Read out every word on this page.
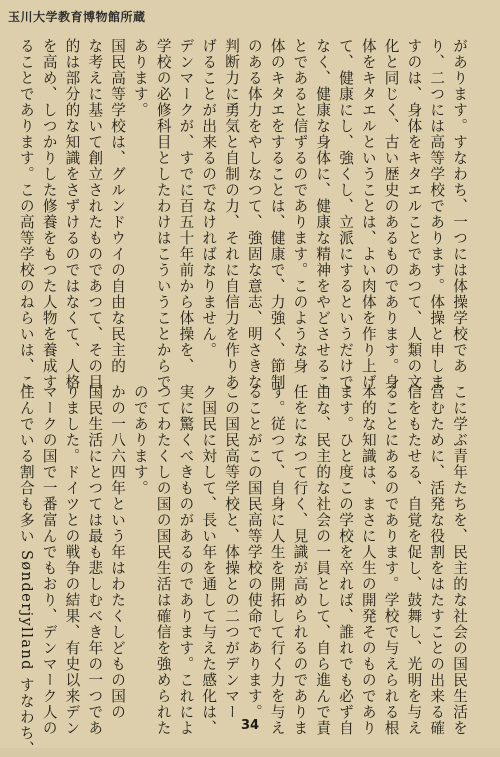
玉川大学教育博物館所蔵
があります。すなわち、一つには体操学校であ
り、二つには高等学校であります。体操と申しま
すのは、身体をキタエルことであつて、人類の文
化と同じく、古い歴史のあるものであります。身
体をキタエルということは、よい肉体を作り上げ
て、健康にし、強くし、立派にするというだけで
なく、健康な身体に、健康な精神をやどさせるこ
とであると信ずるのであります。このような身
体のキタエをすることは、健康で、力強く、節制
のある体力をやしなつて、強固な意志、明さきな
判断力に勇気と自制の力、それに自信力を作りあ
げることが出来るのでなければなりません。
デンマークが、すでに百五十年前から体操を、
学校の必修科目としたわけはこういうことからで
あります。
国民高等学校は、グルンドウイの自由な民主的
な考えに基いて創立されたものであつて、その目
的は部分的な知識をさずけるのではなくて、人格
を高め、しつかりした修養をもつた人物を養成す
ることであります。この高等学校のねらいは、こ
こに学ぶ青年たちを、民主的な社会の国民生活を
営むために、活発な役割をはたすことの出来る確
信をもたせる、自覚を促し、鼓舞し、光明を与え
ることにあるのであります。学校で与えられる根
本的な知識は、まさに人生の開発そのものであり
ます。ひと度この学校を卒れば、誰れでも必ず自
由な、民主的な社会の一員として、自ら進んで責
任をになつて行く、見識が高められるのでありま
す。従つて、自身に人生を開拓して行く力を与え
ることがこの国民高等学校の使命であります。
この国民高等学校と、体操との二つがデンマー
ク国民に対して、長い年を通して与えた感化は、
実に驚くべきものがあるのであります。これによ
つてわたくしの国の国民生活は確信を強められた
のであります。
かの一八六四年という年はわたくしどもの国の
国民生活にとつては最も悲しむべき年の一つであ
りました。ドイツとの戦争の結果、有史以来デン
マークの国で一番富んでもおり、デンマーク人の
住んでいる割合も多い Sønderjylland すなわち、	34
